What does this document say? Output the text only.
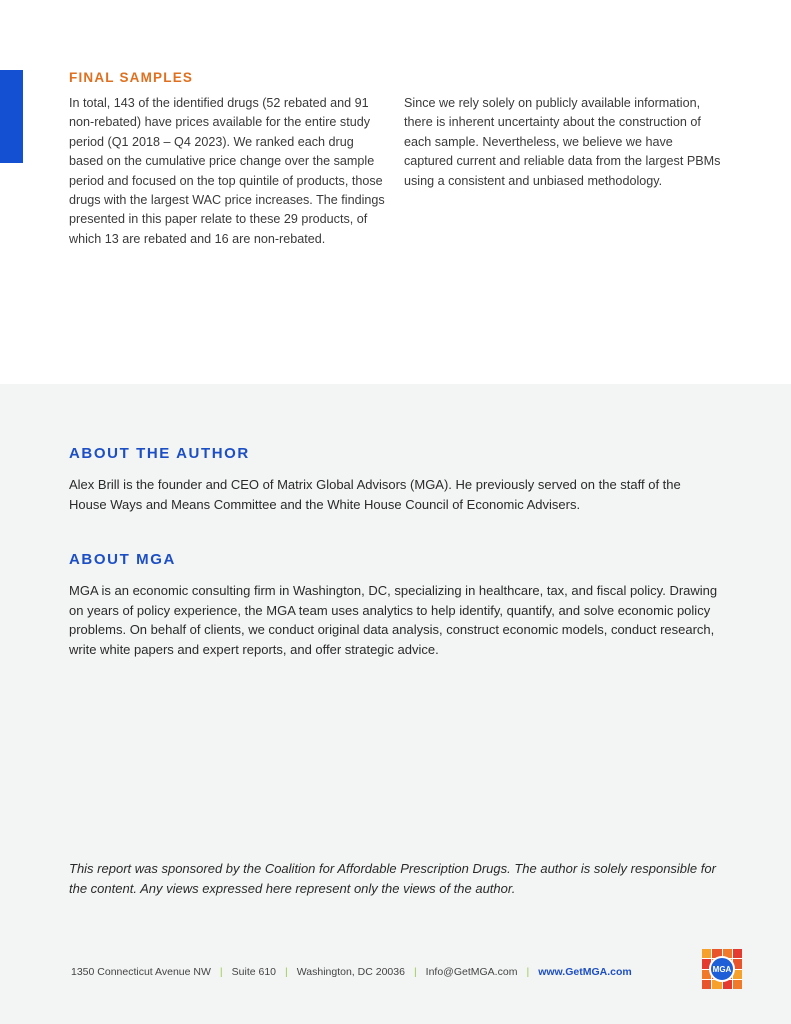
FINAL SAMPLES

In total, 143 of the identified drugs (52 rebated and 91 non-rebated) have prices available for the entire study period (Q1 2018 – Q4 2023). We ranked each drug based on the cumulative price change over the sample period and focused on the top quintile of products, those drugs with the largest WAC price increases. The findings presented in this paper relate to these 29 products, of which 13 are rebated and 16 are non-rebated.

Since we rely solely on publicly available information, there is inherent uncertainty about the construction of each sample. Nevertheless, we believe we have captured current and reliable data from the largest PBMs using a consistent and unbiased methodology.

ABOUT THE AUTHOR

Alex Brill is the founder and CEO of Matrix Global Advisors (MGA). He previously served on the staff of the House Ways and Means Committee and the White House Council of Economic Advisers.

ABOUT MGA

MGA is an economic consulting firm in Washington, DC, specializing in healthcare, tax, and fiscal policy. Drawing on years of policy experience, the MGA team uses analytics to help identify, quantify, and solve economic policy problems. On behalf of clients, we conduct original data analysis, construct economic models, conduct research, write white papers and expert reports, and offer strategic advice.

This report was sponsored by the Coalition for Affordable Prescription Drugs. The author is solely responsible for the content. Any views expressed here represent only the views of the author.

1350 Connecticut Avenue NW | Suite 610 | Washington, DC 20036 | Info@GetMGA.com | www.GetMGA.com	MGA
